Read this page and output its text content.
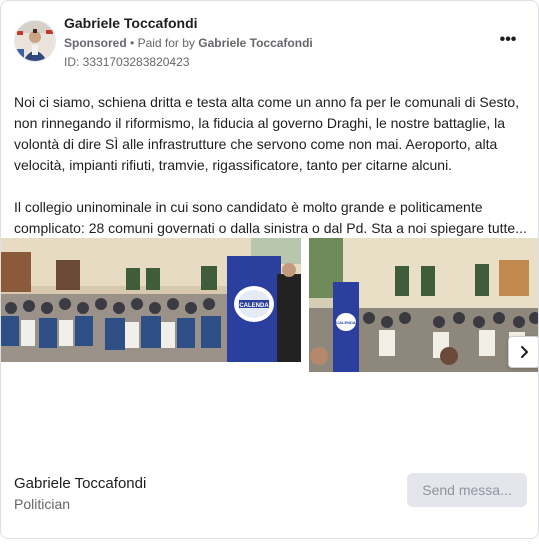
Gabriele Toccafondi
Sponsored • Paid for by Gabriele Toccafondi
ID: 3331703283820423
•••

Noi ci siamo, schiena dritta e testa alta come un anno fa per le comunali di Sesto, non rinnegando il riformismo, la fiducia al governo Draghi, le nostre battaglie, la volontà di dire SÌ alle infrastrutture che servono come non mai. Aeroporto, alta velocità, impianti rifiuti, tramvie, rigassificatore, tanto per citarne alcuni.

Il collegio uninominale in cui sono candidato è molto grande e politicamente
complicato: 28 comuni governati o dalla sinistra o dal Pd. Sta a noi spiegare tutte...

CALENDA
CALENDA
Gabriele Toccafondi
Politician
Send messa...
